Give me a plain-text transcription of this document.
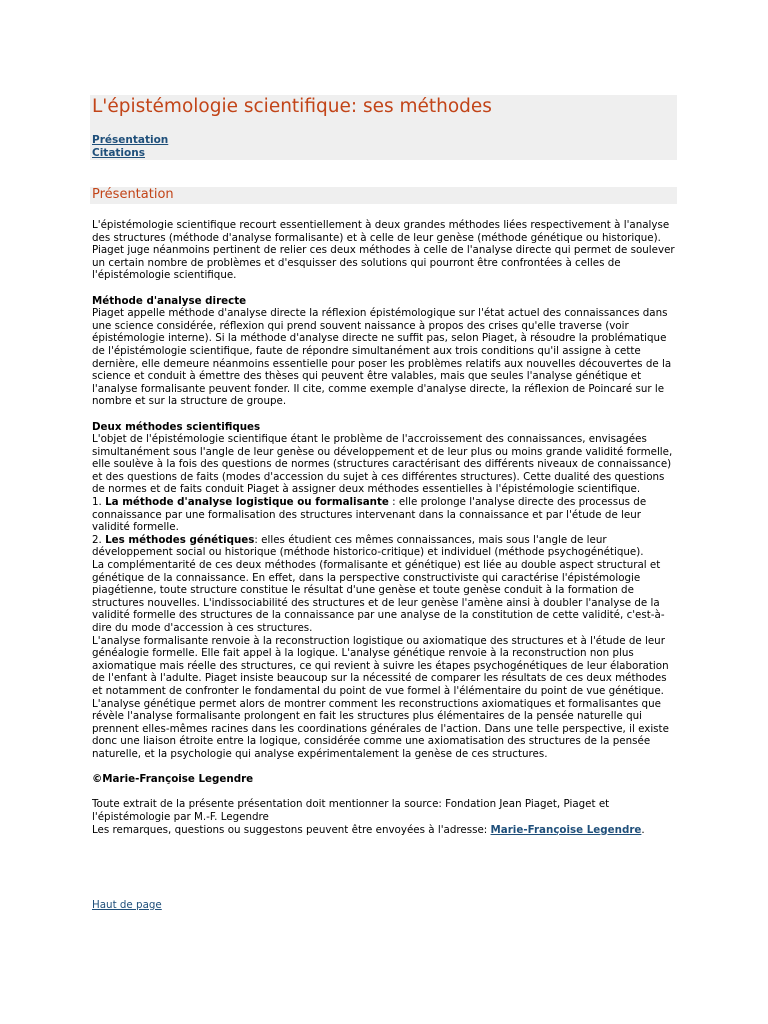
L'épistémologie scientifique: ses méthodes
Présentation
Citations
Présentation

L'épistémologie scientifique recourt essentiellement à deux grandes méthodes liées respectivement à l'analyse des structures (méthode d'analyse formalisante) et à celle de leur genèse (méthode génétique ou historique). Piaget juge néanmoins pertinent de relier ces deux méthodes à celle de l'analyse directe qui permet de soulever un certain nombre de problèmes et d'esquisser des solutions qui pourront être confrontées à celles de l'épistémologie scientifique.

Méthode d'analyse directe

Piaget appelle méthode d'analyse directe la réflexion épistémologique sur l'état actuel des connaissances dans une science considérée, réflexion qui prend souvent naissance à propos des crises qu'elle traverse (voir épistémologie interne). Si la méthode d'analyse directe ne suffit pas, selon Piaget, à résoudre la problématique de l'épistémologie scientifique, faute de répondre simultanément aux trois conditions qu'il assigne à cette dernière, elle demeure néanmoins essentielle pour poser les problèmes relatifs aux nouvelles découvertes de la science et conduit à émettre des thèses qui peuvent être valables, mais que seules l'analyse génétique et l'analyse formalisante peuvent fonder. Il cite, comme exemple d'analyse directe, la réflexion de Poincaré sur le nombre et sur la structure de groupe.

Deux méthodes scientifiques

L'objet de l'épistémologie scientifique étant le problème de l'accroissement des connaissances, envisagées simultanément sous l'angle de leur genèse ou développement et de leur plus ou moins grande validité formelle, elle soulève à la fois des questions de normes (structures caractérisant des différents niveaux de connaissance) et des questions de faits (modes d'accession du sujet à ces différentes structures). Cette dualité des questions de normes et de faits conduit Piaget à assigner deux méthodes essentielles à l'épistémologie scientifique.

1. La méthode d'analyse logistique ou formalisante : elle prolonge l'analyse directe des processus de connaissance par une formalisation des structures intervenant dans la connaissance et par l'étude de leur validité formelle.

2. Les méthodes génétiques: elles étudient ces mêmes connaissances, mais sous l'angle de leur développement social ou historique (méthode historico-critique) et individuel (méthode psychogénétique).

La complémentarité de ces deux méthodes (formalisante et génétique) est liée au double aspect structural et génétique de la connaissance. En effet, dans la perspective constructiviste qui caractérise l'épistémologie piagétienne, toute structure constitue le résultat d'une genèse et toute genèse conduit à la formation de structures nouvelles. L'indissociabilité des structures et de leur genèse l'amène ainsi à doubler l'analyse de la validité formelle des structures de la connaissance par une analyse de la constitution de cette validité, c'est-à-dire du mode d'accession à ces structures.

L'analyse formalisante renvoie à la reconstruction logistique ou axiomatique des structures et à l'étude de leur généalogie formelle. Elle fait appel à la logique. L'analyse génétique renvoie à la reconstruction non plus axiomatique mais réelle des structures, ce qui revient à suivre les étapes psychogénétiques de leur élaboration de l'enfant à l'adulte. Piaget insiste beaucoup sur la nécessité de comparer les résultats de ces deux méthodes et notamment de confronter le fondamental du point de vue formel à l'élémentaire du point de vue génétique. L'analyse génétique permet alors de montrer comment les reconstructions axiomatiques et formalisantes que révèle l'analyse formalisante prolongent en fait les structures plus élémentaires de la pensée naturelle qui prennent elles-mêmes racines dans les coordinations générales de l'action. Dans une telle perspective, il existe donc une liaison étroite entre la logique, considérée comme une axiomatisation des structures de la pensée naturelle, et la psychologie qui analyse expérimentalement la genèse de ces structures.

©Marie-Françoise Legendre

Toute extrait de la présente présentation doit mentionner la source: Fondation Jean Piaget, Piaget et l'épistémologie par M.-F. Legendre

Les remarques, questions ou suggestons peuvent être envoyées à l'adresse: Marie-Françoise Legendre.

Haut de page
